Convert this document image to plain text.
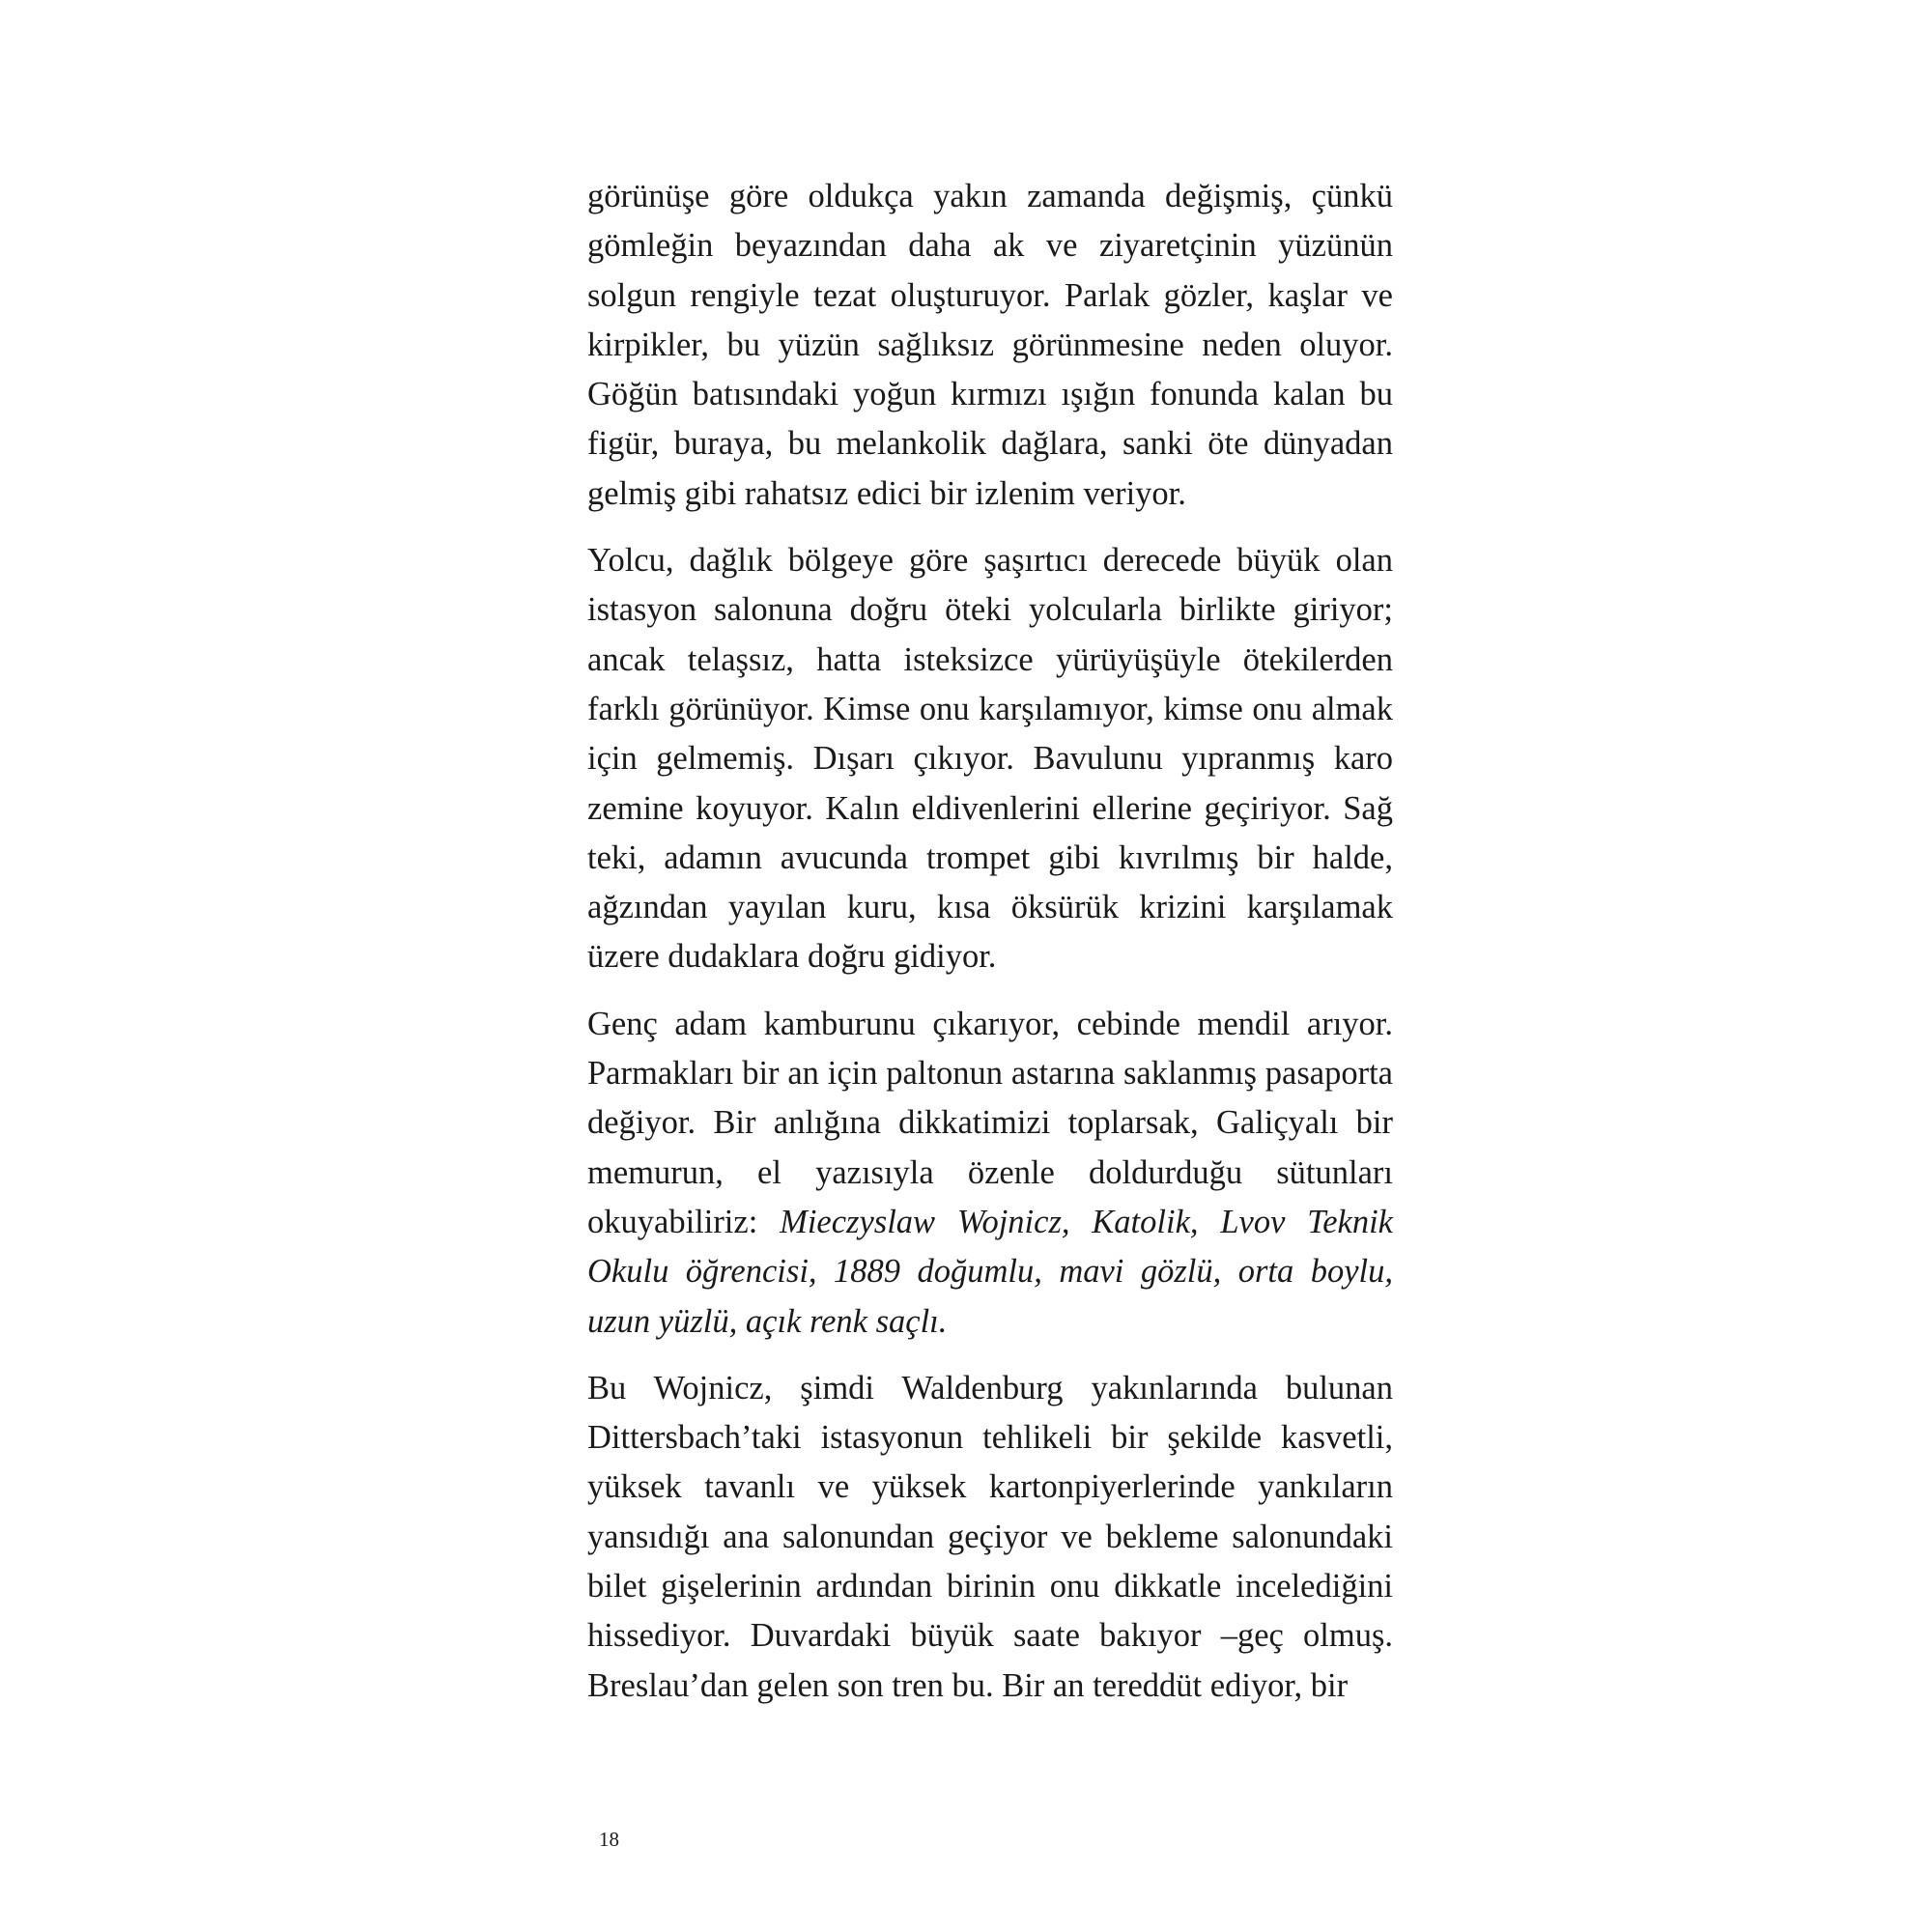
görünüşe göre oldukça yakın zamanda değişmiş, çünkü gömleğin beyazından daha ak ve ziyaretçinin yüzünün solgun rengiyle tezat oluşturuyor. Parlak gözler, kaşlar ve kirpikler, bu yüzün sağlıksız görünmesine neden oluyor. Göğün batısındaki yoğun kırmızı ışığın fonunda kalan bu figür, buraya, bu melankolik dağlara, sanki öte dünyadan gelmiş gibi rahatsız edici bir izlenim veriyor.

Yolcu, dağlık bölgeye göre şaşırtıcı derecede büyük olan istasyon salonuna doğru öteki yolcularla birlikte giriyor; ancak telaşsız, hatta isteksizce yürüyüşüyle ötekilerden farklı görünüyor. Kimse onu karşılamıyor, kimse onu almak için gelmemiş. Dışarı çıkıyor. Bavulunu yıpranmış karo zemine koyuyor. Kalın eldivenlerini ellerine geçiriyor. Sağ teki, adamın avucunda trompet gibi kıvrılmış bir halde, ağzından yayılan kuru, kısa öksürük krizini karşılamak üzere dudaklara doğru gidiyor.

Genç adam kamburunu çıkarıyor, cebinde mendil arıyor. Parmakları bir an için paltonun astarına saklanmış pasaporta değiyor. Bir anlığına dikkatimizi toplarsak, Galiçyalı bir memurun, el yazısıyla özenle doldurduğu sütunları okuyabiliriz: Mieczyslaw Wojnicz, Katolik, Lvov Teknik Okulu öğrencisi, 1889 doğumlu, mavi gözlü, orta boylu, uzun yüzlü, açık renk saçlı.

Bu Wojnicz, şimdi Waldenburg yakınlarında bulunan Dittersbach’taki istasyonun tehlikeli bir şekilde kasvetli, yüksek tavanlı ve yüksek kartonpiyerlerinde yankıların yansıdığı ana salonundan geçiyor ve bekleme salonundaki bilet gişelerinin ardından birinin onu dikkatle incelediğini hissediyor. Duvardaki büyük saate bakıyor –geç olmuş. Breslau’dan gelen son tren bu. Bir an tereddüt ediyor, bir

18
